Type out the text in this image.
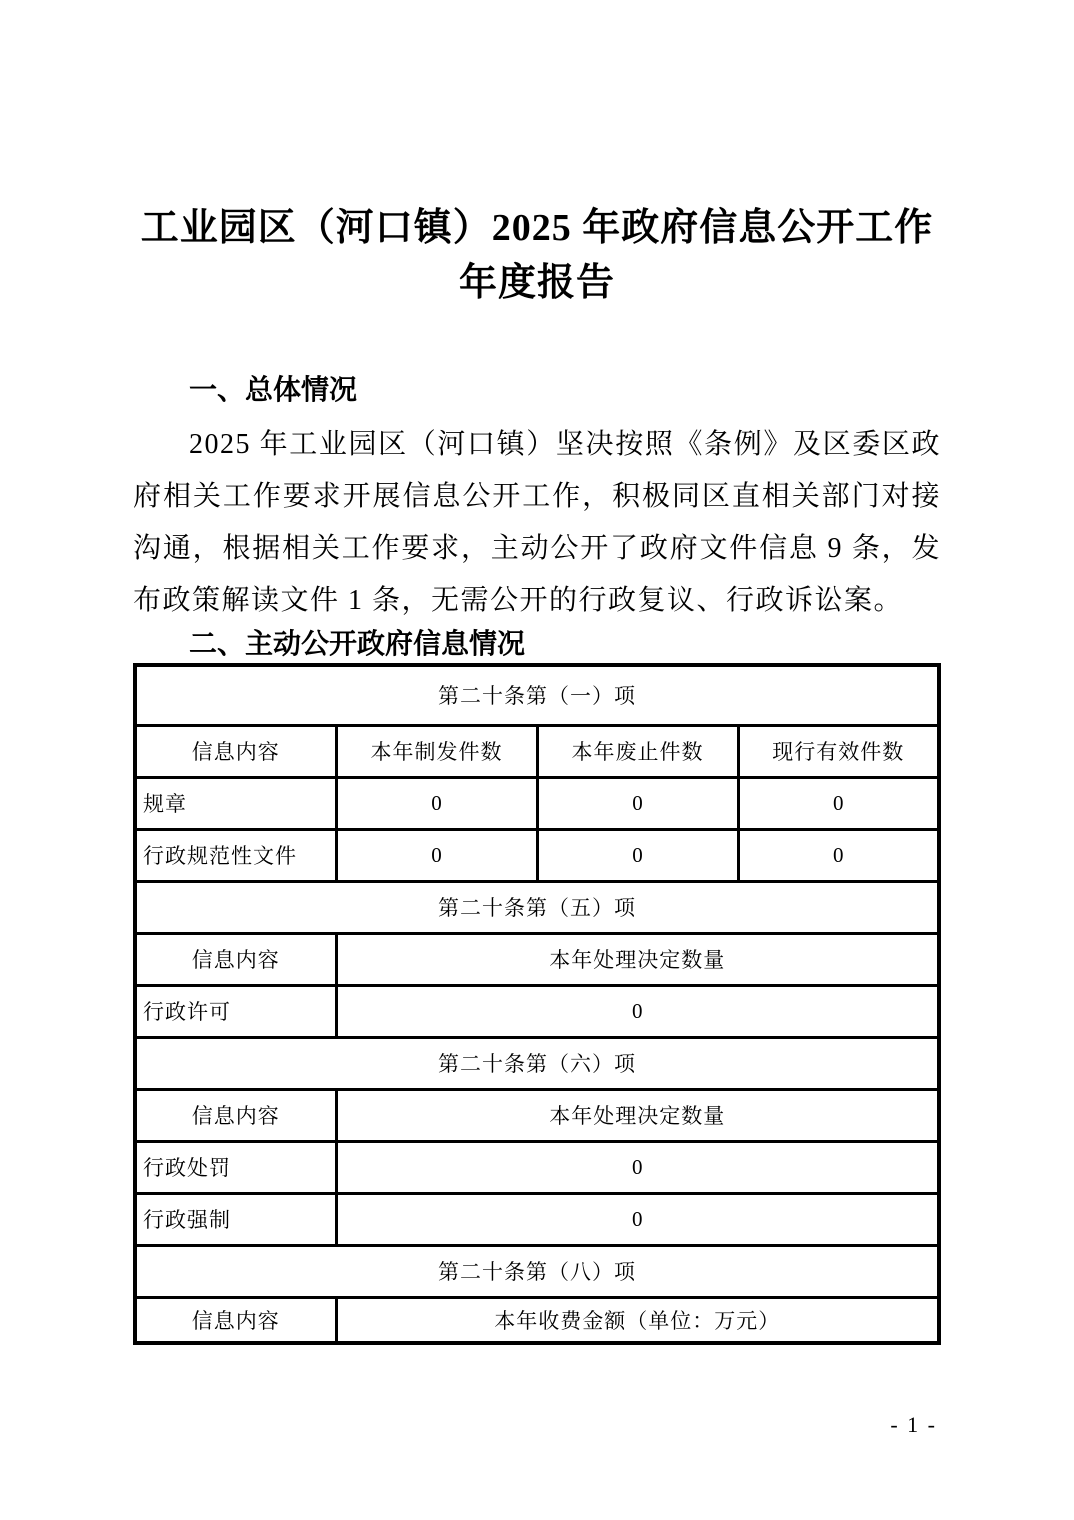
工业园区（河口镇）2025 年政府信息公开工作
年度报告
一、总体情况
2025 年工业园区（河口镇）坚决按照《条例》及区委区政府相关工作要求开展信息公开工作，积极同区直相关部门对接沟通，根据相关工作要求，主动公开了政府文件信息 9 条，发布政策解读文件 1 条，无需公开的行政复议、行政诉讼案。
二、主动公开政府信息情况
第二十条第（一）项			
信息内容	本年制发件数	本年废止件数	现行有效件数
规章	0	0	0
行政规范性文件	0	0	0
第二十条第（五）项			
信息内容	本年处理决定数量		
行政许可	0		
第二十条第（六）项			
信息内容	本年处理决定数量		
行政处罚	0		
行政强制	0		
第二十条第（八）项			
信息内容	本年收费金额（单位：万元）		
- 1 -
